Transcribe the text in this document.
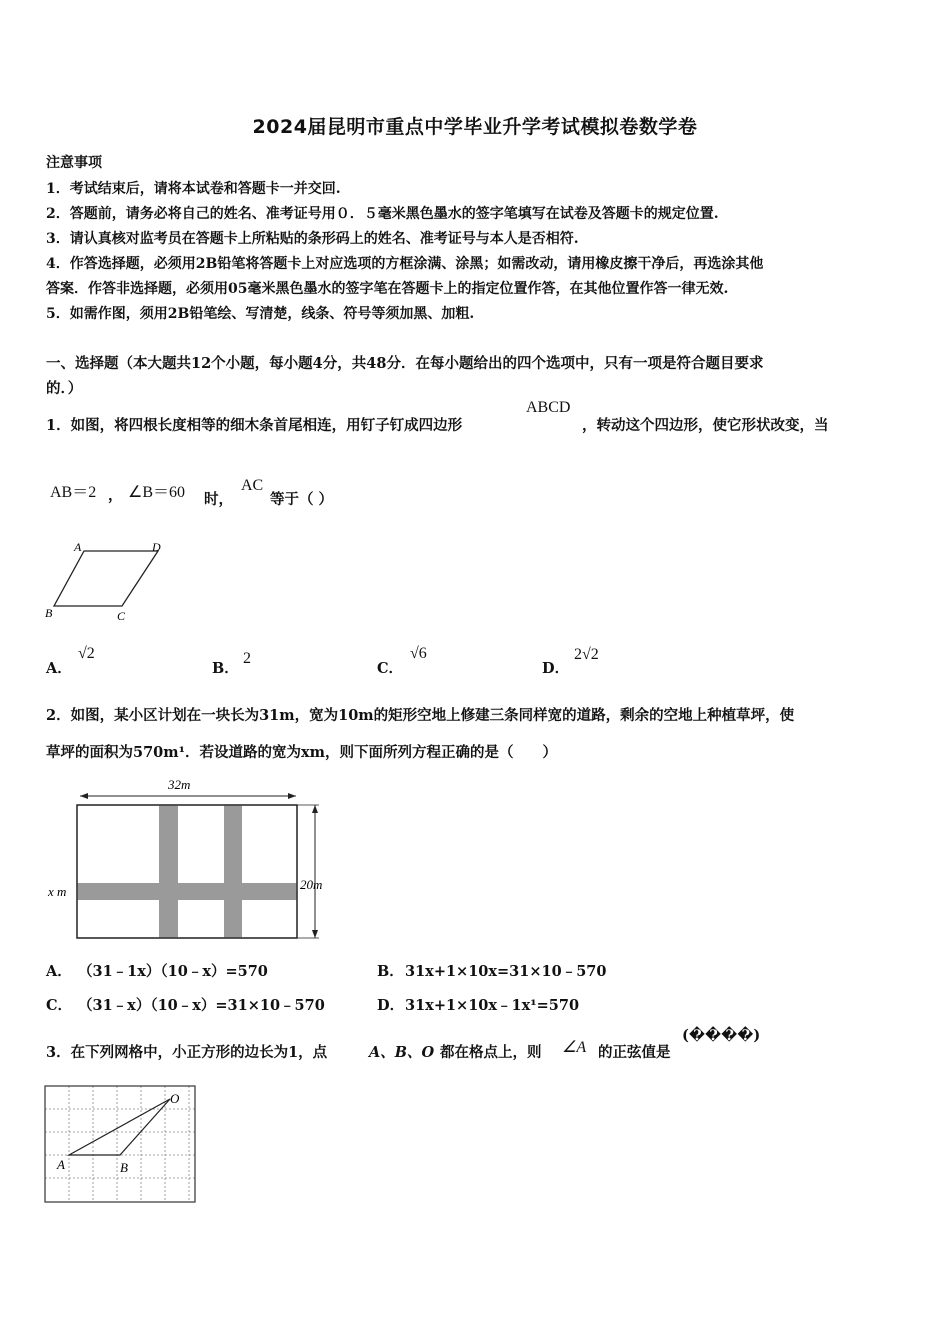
2024届昆明市重点中学毕业升学考试模拟卷数学卷
注意事项
1．考试结束后，请将本试卷和答题卡一并交回.
2．答题前，请务必将自己的姓名、准考证号用０．５毫米黑色墨水的签字笔填写在试卷及答题卡的规定位置.
3．请认真核对监考员在答题卡上所粘贴的条形码上的姓名、准考证号与本人是否相符.
4．作答选择题，必须用2B铅笔将答题卡上对应选项的方框涂满、涂黑；如需改动，请用橡皮擦干净后，再选涂其他
答案．作答非选择题，必须用05毫米黑色墨水的签字笔在答题卡上的指定位置作答，在其他位置作答一律无效.
5．如需作图，须用2B铅笔绘、写清楚，线条、符号等须加黑、加粗.
一、选择题（本大题共12个小题，每小题4分，共48分．在每小题给出的四个选项中，只有一项是符合题目要求
的．）
1．如图，将四根长度相等的细木条首尾相连，用钉子钉成四边形
ABCD
，转动这个四边形，使它形状改变，当
AB＝2 ， ∠B＝60 时，
AC
等于（ ）
A	D
B	C
A．
√2
B．
2
C．
√6
D．
2√2
2．如图，某小区计划在一块长为31m，宽为10m的矩形空地上修建三条同样宽的道路，剩余的空地上种植草坪，使
草坪的面积为570m¹．若设道路的宽为xm，则下面所列方程正确的是（　　）
32m
20m
x m
A． （31﹣1x）（10﹣x）=570	B． 31x+1×10x=31×10﹣570
C． （31﹣x）（10﹣x）=31×10﹣570	D． 31x+1×10x﹣1x¹=570
3．在下列网格中，小正方形的边长为1，点	A、B、O 都在格点上，则 ∠A 的正弦值是
(����)
O
A	B
